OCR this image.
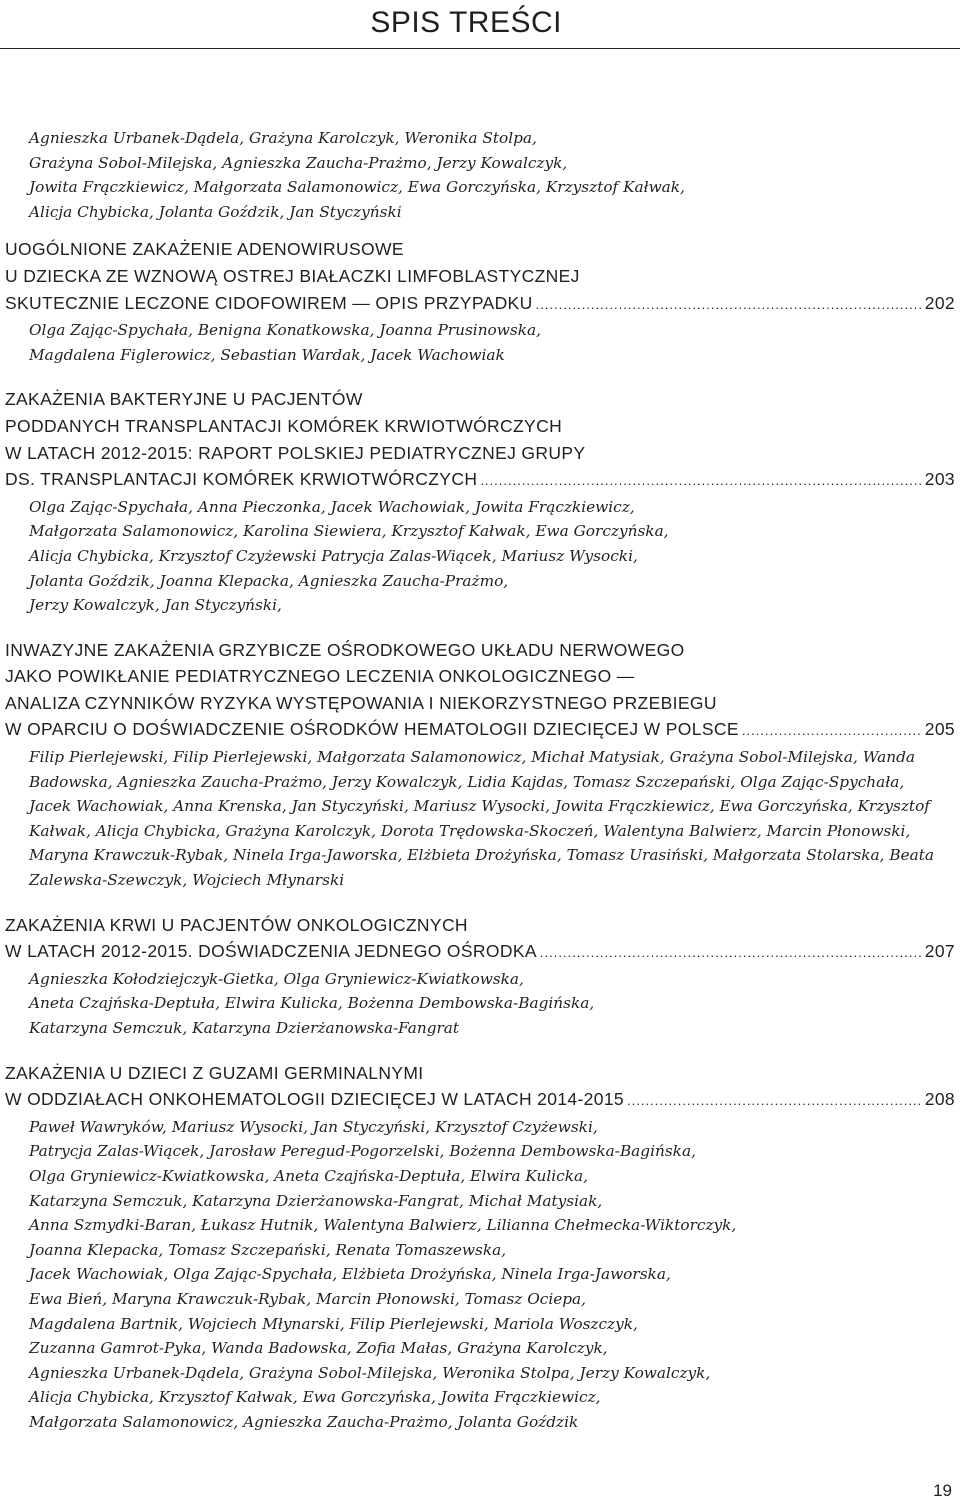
SPIS TREŚCI
Agnieszka Urbanek-Dądela, Grażyna Karolczyk, Weronika Stolpa,
Grażyna Sobol-Milejska, Agnieszka Zaucha-Prażmo, Jerzy Kowalczyk,
Jowita Frączkiewicz, Małgorzata Salamonowicz, Ewa Gorczyńska, Krzysztof Kałwak,
Alicja Chybicka, Jolanta Goździk, Jan Styczyński
UOGÓLNIONE ZAKAŻENIE ADENOWIRUSOWE
U DZIECKA ZE WZNOWĄ OSTREJ BIAŁACZKI LIMFOBLASTYCZNEJ
SKUTECZNIE LECZONE CIDOFOWIREM — OPIS PRZYPADKU .....	202
Olga Zając-Spychała, Benigna Konatkowska, Joanna Prusinowska,
Magdalena Figlerowicz, Sebastian Wardak, Jacek Wachowiak
ZAKAŻENIA BAKTERYJNE U PACJENTÓW
PODDANYCH TRANSPLANTACJI KOMÓREK KRWIOTWÓRCZYCH
W LATACH 2012-2015: RAPORT POLSKIEJ PEDIATRYCZNEJ GRUPY
DS. TRANSPLANTACJI KOMÓREK KRWIOTWÓRCZYCH .....	203
Olga Zając-Spychała, Anna Pieczonka, Jacek Wachowiak, Jowita Frączkiewicz,
Małgorzata Salamonowicz, Karolina Siewiera, Krzysztof Kałwak, Ewa Gorczyńska,
Alicja Chybicka, Krzysztof Czyżewski Patrycja Zalas-Wiącek, Mariusz Wysocki,
Jolanta Goździk, Joanna Klepacka, Agnieszka Zaucha-Prażmo,
Jerzy Kowalczyk, Jan Styczyński,
INWAZYJNE ZAKAŻENIA GRZYBICZE OŚRODKOWEGO UKŁADU NERWOWEGO
JAKO POWIKŁANIE PEDIATRYCZNEGO LECZENIA ONKOLOGICZNEGO —
ANALIZA CZYNNIKÓW RYZYKA WYSTĘPOWANIA I NIEKORZYSTNEGO PRZEBIEGU
W OPARCIU O DOŚWIADCZENIE OŚRODKÓW HEMATOLOGII DZIECIĘCEJ W POLSCE .....	205
Filip Pierlejewski, Filip Pierlejewski, Małgorzata Salamonowicz, Michał Matysiak, Grażyna Sobol-Milejska, Wanda
Badowska, Agnieszka Zaucha-Prażmo, Jerzy Kowalczyk, Lidia Kajdas, Tomasz Szczepański, Olga Zając-Spychała,
Jacek Wachowiak, Anna Krenska, Jan Styczyński, Mariusz Wysocki, Jowita Frączkiewicz, Ewa Gorczyńska, Krzysztof
Kałwak, Alicja Chybicka, Grażyna Karolczyk, Dorota Trędowska-Skoczeń, Walentyna Balwierz, Marcin Płonowski,
Maryna Krawczuk-Rybak, Ninela Irga-Jaworska, Elżbieta Drożyńska, Tomasz Urasiński, Małgorzata Stolarska, Beata
Zalewska-Szewczyk, Wojciech Młynarski
ZAKAŻENIA KRWI U PACJENTÓW ONKOLOGICZNYCH
W LATACH 2012-2015. DOŚWIADCZENIA JEDNEGO OŚRODKA .....	207
Agnieszka Kołodziejczyk-Gietka, Olga Gryniewicz-Kwiatkowska,
Aneta Czajńska-Deptuła, Elwira Kulicka, Bożenna Dembowska-Bagińska,
Katarzyna Semczuk, Katarzyna Dzierżanowska-Fangrat
ZAKAŻENIA U DZIECI Z GUZAMI GERMINALNYMI
W ODDZIAŁACH ONKOHEMATOLOGII DZIECIĘCEJ W LATACH 2014-2015 .....	208
Paweł Wawryków, Mariusz Wysocki, Jan Styczyński, Krzysztof Czyżewski,
Patrycja Zalas-Wiącek, Jarosław Peregud-Pogorzelski, Bożenna Dembowska-Bagińska,
Olga Gryniewicz-Kwiatkowska, Aneta Czajńska-Deptuła, Elwira Kulicka,
Katarzyna Semczuk, Katarzyna Dzierżanowska-Fangrat, Michał Matysiak,
Anna Szmydki-Baran, Łukasz Hutnik, Walentyna Balwierz, Lilianna Chełmecka-Wiktorczyk,
Joanna Klepacka, Tomasz Szczepański, Renata Tomaszewska,
Jacek Wachowiak, Olga Zając-Spychała, Elżbieta Drożyńska, Ninela Irga-Jaworska,
Ewa Bień, Maryna Krawczuk-Rybak, Marcin Płonowski, Tomasz Ociepa,
Magdalena Bartnik, Wojciech Młynarski, Filip Pierlejewski, Mariola Woszczyk,
Zuzanna Gamrot-Pyka, Wanda Badowska, Zofia Małas, Grażyna Karolczyk,
Agnieszka Urbanek-Dądela, Grażyna Sobol-Milejska, Weronika Stolpa, Jerzy Kowalczyk,
Alicja Chybicka, Krzysztof Kałwak, Ewa Gorczyńska, Jowita Frączkiewicz,
Małgorzata Salamonowicz, Agnieszka Zaucha-Prażmo, Jolanta Goździk
19
